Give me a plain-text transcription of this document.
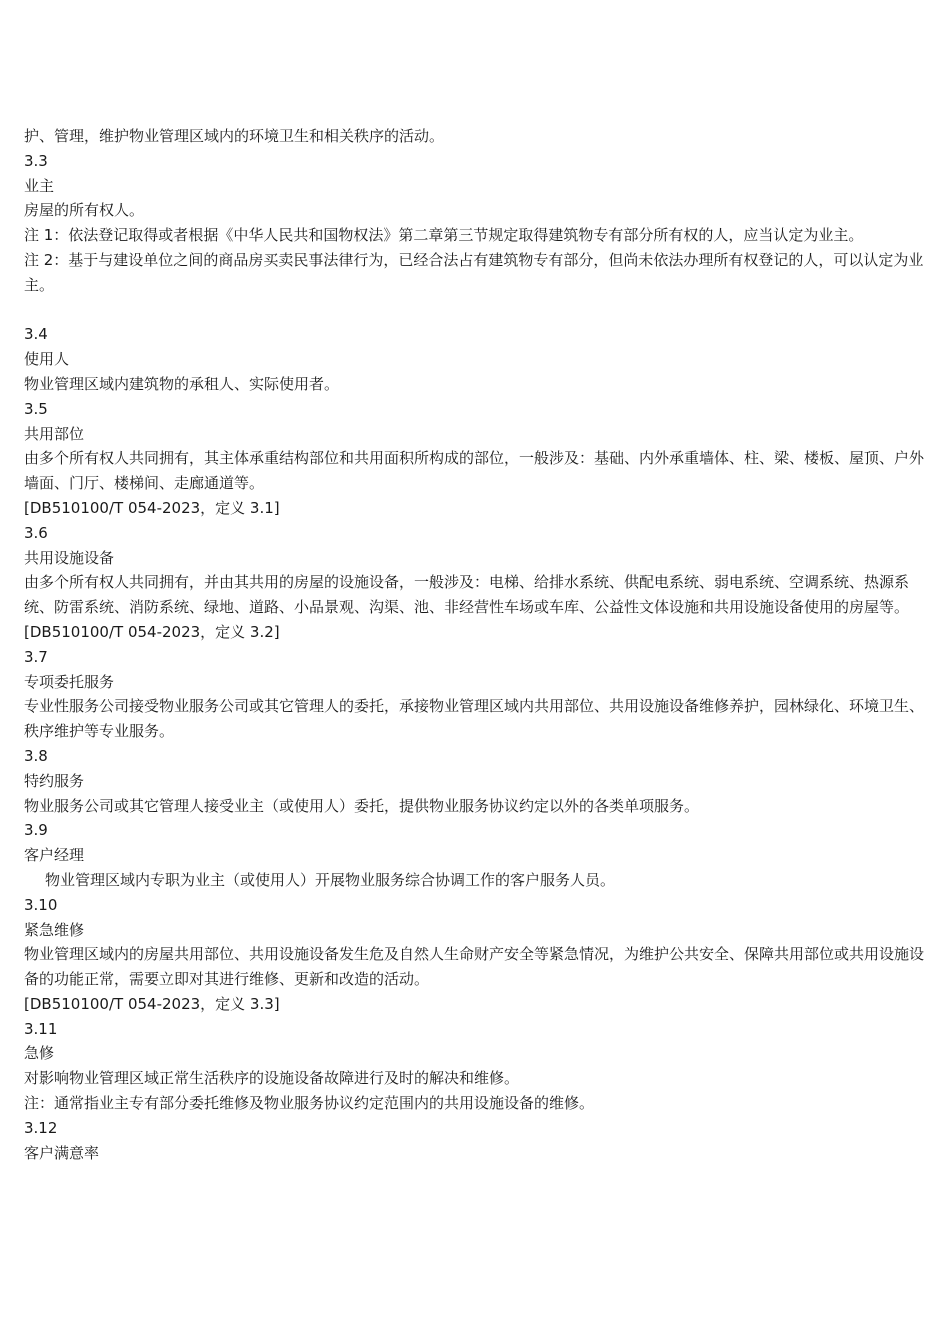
护、管理，维护物业管理区域内的环境卫生和相关秩序的活动。

3.3

业主

房屋的所有权人。

注 1：依法登记取得或者根据《中华人民共和国物权法》第二章第三节规定取得建筑物专有部分所有权的人，应当认定为业主。

注 2：基于与建设单位之间的商品房买卖民事法律行为，已经合法占有建筑物专有部分，但尚未依法办理所有权登记的人，可以认定为业主。

3.4

使用人

物业管理区域内建筑物的承租人、实际使用者。

3.5

共用部位

由多个所有权人共同拥有，其主体承重结构部位和共用面积所构成的部位，一般涉及：基础、内外承重墙体、柱、梁、楼板、屋顶、户外墙面、门厅、楼梯间、走廊通道等。

[DB510100/T 054-2023，定义 3.1]

3.6

共用设施设备

由多个所有权人共同拥有，并由其共用的房屋的设施设备，一般涉及：电梯、给排水系统、供配电系统、弱电系统、空调系统、热源系统、防雷系统、消防系统、绿地、道路、小品景观、沟渠、池、非经营性车场或车库、公益性文体设施和共用设施设备使用的房屋等。

[DB510100/T 054-2023，定义 3.2]

3.7

专项委托服务

专业性服务公司接受物业服务公司或其它管理人的委托，承接物业管理区域内共用部位、共用设施设备维修养护，园林绿化、环境卫生、秩序维护等专业服务。

3.8

特约服务

物业服务公司或其它管理人接受业主（或使用人）委托，提供物业服务协议约定以外的各类单项服务。

3.9

客户经理

物业管理区域内专职为业主（或使用人）开展物业服务综合协调工作的客户服务人员。

3.10

紧急维修

物业管理区域内的房屋共用部位、共用设施设备发生危及自然人生命财产安全等紧急情况，为维护公共安全、保障共用部位或共用设施设备的功能正常，需要立即对其进行维修、更新和改造的活动。

[DB510100/T 054-2023，定义 3.3]

3.11

急修

对影响物业管理区域正常生活秩序的设施设备故障进行及时的解决和维修。

注：通常指业主专有部分委托维修及物业服务协议约定范围内的共用设施设备的维修。

3.12

客户满意率
